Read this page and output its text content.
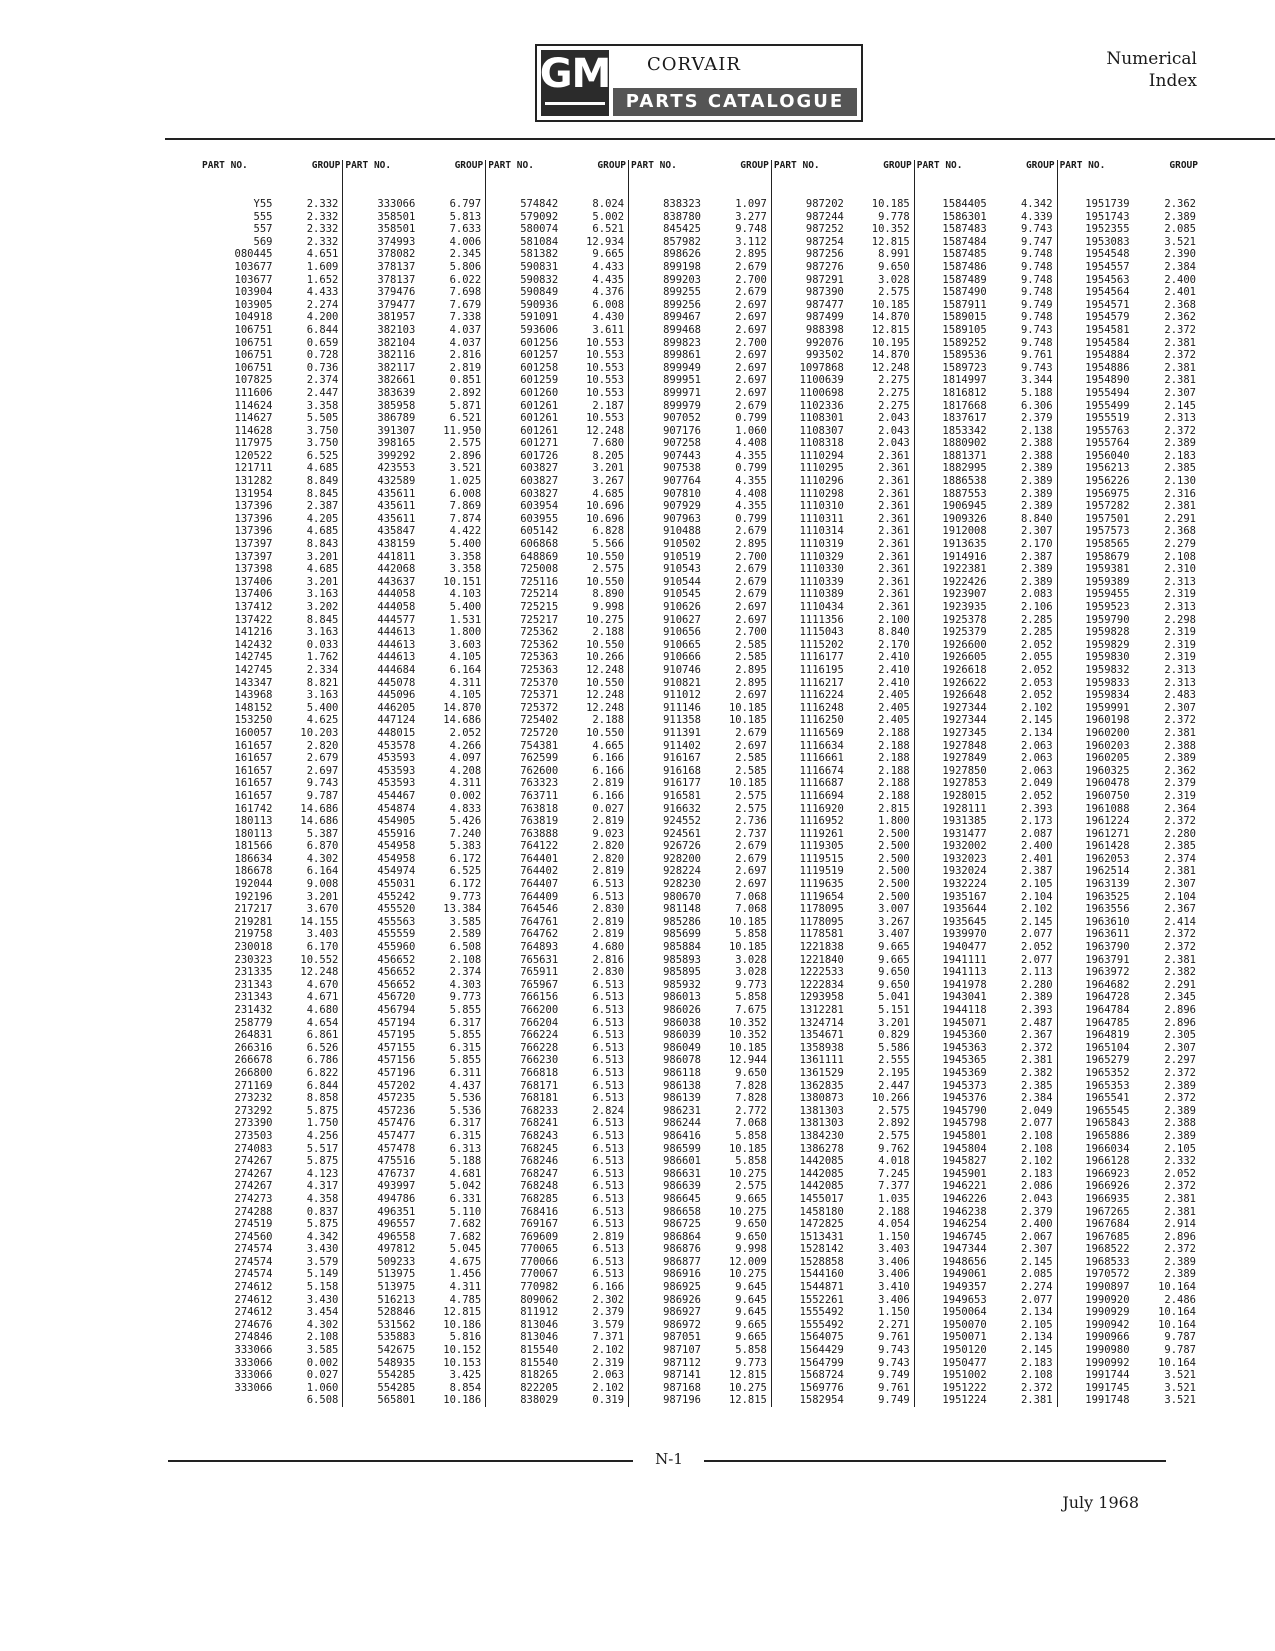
GM CORVAIR
PARTS CATALOGUE
Numerical
Index
PART NO.	GROUP	PART NO.	GROUP	PART NO.	GROUP	PART NO.	GROUP	PART NO.	GROUP	PART NO.	GROUP	PART NO.	GROUP

Y55	2.332	333066	6.797	574842	8.024	838323	1.097	987202	10.185	1584405	4.342	1951739	2.362
555	2.332	358501	5.813	579092	5.002	838780	3.277	987244	9.778	1586301	4.339	1951743	2.389
557	2.332	358501	7.633	580074	6.521	845425	9.748	987252	10.352	1587483	9.743	1952355	2.085
569	2.332	374993	4.006	581084	12.934	857982	3.112	987254	12.815	1587484	9.747	1953083	3.521
080445	4.651	378082	2.345	581382	9.665	898626	2.895	987256	8.991	1587485	9.748	1954548	2.390
103677	1.609	378137	5.806	590831	4.433	899198	2.679	987276	9.650	1587486	9.748	1954557	2.384
103677	1.652	378137	6.022	590832	4.435	899203	2.700	987291	3.028	1587489	9.748	1954563	2.400
103904	4.433	379476	7.698	590849	4.376	899255	2.679	987390	2.575	1587490	9.748	1954564	2.401
103905	2.274	379477	7.679	590936	6.008	899256	2.697	987477	10.185	1587911	9.749	1954571	2.368
104918	4.200	381957	7.338	591091	4.430	899467	2.697	987499	14.870	1589015	9.748	1954579	2.362
106751	6.844	382103	4.037	593606	3.611	899468	2.697	988398	12.815	1589105	9.743	1954581	2.372
106751	0.659	382104	4.037	601256	10.553	899823	2.700	992076	10.195	1589252	9.748	1954584	2.381
106751	0.728	382116	2.816	601257	10.553	899861	2.697	993502	14.870	1589536	9.761	1954884	2.372
106751	0.736	382117	2.819	601258	10.553	899949	2.697	1097868	12.248	1589723	9.743	1954886	2.381
107825	2.374	382661	0.851	601259	10.553	899951	2.697	1100639	2.275	1814997	3.344	1954890	2.381
111606	2.447	383639	2.892	601260	10.553	899971	2.697	1100698	2.275	1816812	5.188	1955494	2.307
114624	3.358	385958	5.871	601261	2.187	899979	2.679	1102336	2.275	1817668	6.306	1955499	2.145
114627	5.505	386789	6.521	601261	10.553	907052	0.799	1108301	2.043	1837617	2.379	1955519	2.313
114628	3.750	391307	11.950	601261	12.248	907176	1.060	1108307	2.043	1853342	2.138	1955763	2.372
117975	3.750	398165	2.575	601271	7.680	907258	4.408	1108318	2.043	1880902	2.388	1955764	2.389
120522	6.525	399292	2.896	601726	8.205	907443	4.355	1110294	2.361	1881371	2.388	1956040	2.183
121711	4.685	423553	3.521	603827	3.201	907538	0.799	1110295	2.361	1882995	2.389	1956213	2.385
131282	8.849	432589	1.025	603827	3.267	907764	4.355	1110296	2.361	1886538	2.389	1956226	2.130
131954	8.845	435611	6.008	603827	4.685	907810	4.408	1110298	2.361	1887553	2.389	1956975	2.316
137396	2.387	435611	7.869	603954	10.696	907929	4.355	1110310	2.361	1906945	2.389	1957282	2.381
137396	4.205	435611	7.874	603955	10.696	907963	0.799	1110311	2.361	1909326	8.840	1957501	2.291
137396	4.685	435847	4.422	605142	6.828	910488	2.679	1110314	2.361	1912008	2.307	1957573	2.368
137397	8.843	438159	5.400	606868	5.566	910502	2.895	1110319	2.361	1913635	2.170	1958565	2.279
137397	3.201	441811	3.358	648869	10.550	910519	2.700	1110329	2.361	1914916	2.387	1958679	2.108
137398	4.685	442068	3.358	725008	2.575	910543	2.679	1110330	2.361	1922381	2.389	1959381	2.310
137406	3.201	443637	10.151	725116	10.550	910544	2.679	1110339	2.361	1922426	2.389	1959389	2.313
137406	3.163	444058	4.103	725214	8.890	910545	2.679	1110389	2.361	1923907	2.083	1959455	2.319
137412	3.202	444058	5.400	725215	9.998	910626	2.697	1110434	2.361	1923935	2.106	1959523	2.313
137422	8.845	444577	1.531	725217	10.275	910627	2.697	1111356	2.100	1925378	2.285	1959790	2.298
141216	3.163	444613	1.800	725362	2.188	910656	2.700	1115043	8.840	1925379	2.285	1959828	2.319
142432	0.033	444613	3.603	725362	10.550	910665	2.585	1115202	2.170	1926600	2.052	1959829	2.319
142745	1.762	444613	4.105	725363	10.266	910666	2.585	1116177	2.410	1926605	2.055	1959830	2.319
142745	2.334	444684	6.164	725363	12.248	910746	2.895	1116195	2.410	1926618	2.052	1959832	2.313
143347	8.821	445078	4.311	725370	10.550	910821	2.895	1116217	2.410	1926622	2.053	1959833	2.313
143968	3.163	445096	4.105	725371	12.248	911012	2.697	1116224	2.405	1926648	2.052	1959834	2.483
148152	5.400	446205	14.870	725372	12.248	911146	10.185	1116248	2.405	1927344	2.102	1959991	2.307
153250	4.625	447124	14.686	725402	2.188	911358	10.185	1116250	2.405	1927344	2.145	1960198	2.372
160057	10.203	448015	2.052	725720	10.550	911391	2.679	1116569	2.188	1927345	2.134	1960200	2.381
161657	2.820	453578	4.266	754381	4.665	911402	2.697	1116634	2.188	1927848	2.063	1960203	2.388
161657	2.679	453593	4.097	762599	6.166	916167	2.585	1116661	2.188	1927849	2.063	1960205	2.389
161657	2.697	453593	4.208	762600	6.166	916168	2.585	1116674	2.188	1927850	2.063	1960325	2.362
161657	9.743	453593	4.311	763323	2.819	916177	10.185	1116687	2.188	1927853	2.049	1960478	2.379
161657	9.787	454467	0.002	763711	6.166	916581	2.575	1116694	2.188	1928015	2.052	1960750	2.319
161742	14.686	454874	4.833	763818	0.027	916632	2.575	1116920	2.815	1928111	2.393	1961088	2.364
180113	14.686	454905	5.426	763819	2.819	924552	2.736	1116952	1.800	1931385	2.173	1961224	2.372
180113	5.387	455916	7.240	763888	9.023	924561	2.737	1119261	2.500	1931477	2.087	1961271	2.280
181566	6.870	454958	5.383	764122	2.820	926726	2.679	1119305	2.500	1932002	2.400	1961428	2.385
186634	4.302	454958	6.172	764401	2.820	928200	2.679	1119515	2.500	1932023	2.401	1962053	2.374
186678	6.164	454974	6.525	764402	2.819	928224	2.697	1119519	2.500	1932024	2.387	1962514	2.381
192044	9.008	455031	6.172	764407	6.513	928230	2.697	1119635	2.500	1932224	2.105	1963139	2.307
192196	3.201	455242	9.773	764409	6.513	980670	7.068	1119654	2.500	1935167	2.104	1963525	2.104
217217	3.670	455520	13.384	764546	2.830	981148	7.068	1178095	3.007	1935644	2.102	1963556	2.367
219281	14.155	455563	3.585	764761	2.819	985286	10.185	1178095	3.267	1935645	2.145	1963610	2.414
219758	3.403	455559	2.589	764762	2.819	985699	5.858	1178581	3.407	1939970	2.077	1963611	2.372
230018	6.170	455960	6.508	764893	4.680	985884	10.185	1221838	9.665	1940477	2.052	1963790	2.372
230323	10.552	456652	2.108	765631	2.816	985893	3.028	1221840	9.665	1941111	2.077	1963791	2.381
231335	12.248	456652	2.374	765911	2.830	985895	3.028	1222533	9.650	1941113	2.113	1963972	2.382
231343	4.670	456652	4.303	765967	6.513	985932	9.773	1222834	9.650	1941978	2.280	1964682	2.291
231343	4.671	456720	9.773	766156	6.513	986013	5.858	1293958	5.041	1943041	2.389	1964728	2.345
231432	4.680	456794	5.855	766200	6.513	986026	7.675	1312281	5.151	1944118	2.393	1964784	2.896
258779	4.654	457194	6.317	766204	6.513	986038	10.352	1324714	3.201	1945071	2.487	1964785	2.896
264831	6.861	457195	5.855	766224	6.513	986039	10.352	1354671	0.829	1945360	2.367	1964819	2.305
266316	6.526	457155	6.315	766228	6.513	986049	10.185	1358938	5.586	1945363	2.372	1965104	2.307
266678	6.786	457156	5.855	766230	6.513	986078	12.944	1361111	2.555	1945365	2.381	1965279	2.297
266800	6.822	457196	6.311	766818	6.513	986118	9.650	1361529	2.195	1945369	2.382	1965352	2.372
271169	6.844	457202	4.437	768171	6.513	986138	7.828	1362835	2.447	1945373	2.385	1965353	2.389
273232	8.858	457235	5.536	768181	6.513	986139	7.828	1380873	10.266	1945376	2.384	1965541	2.372
273292	5.875	457236	5.536	768233	2.824	986231	2.772	1381303	2.575	1945790	2.049	1965545	2.389
273390	1.750	457476	6.317	768241	6.513	986244	7.068	1381303	2.892	1945798	2.077	1965843	2.388
273503	4.256	457477	6.315	768243	6.513	986416	5.858	1384230	2.575	1945801	2.108	1965886	2.389
274083	5.517	457478	6.313	768245	6.513	986599	10.185	1386278	9.762	1945804	2.108	1966034	2.105
274267	5.875	475516	5.188	768246	6.513	986601	5.858	1442085	4.018	1945827	2.102	1966128	2.332
274267	4.123	476737	4.681	768247	6.513	986631	10.275	1442085	7.245	1945901	2.183	1966923	2.052
274267	4.317	493997	5.042	768248	6.513	986639	2.575	1442085	7.377	1946221	2.086	1966926	2.372
274273	4.358	494786	6.331	768285	6.513	986645	9.665	1455017	1.035	1946226	2.043	1966935	2.381
274288	0.837	496351	5.110	768416	6.513	986658	10.275	1458180	2.188	1946238	2.379	1967265	2.381
274519	5.875	496557	7.682	769167	6.513	986725	9.650	1472825	4.054	1946254	2.400	1967684	2.914
274560	4.342	496558	7.682	769609	2.819	986864	9.650	1513431	1.150	1946745	2.067	1967685	2.896
274574	3.430	497812	5.045	770065	6.513	986876	9.998	1528142	3.403	1947344	2.307	1968522	2.372
274574	3.579	509233	4.675	770066	6.513	986877	12.009	1528858	3.406	1948656	2.145	1968533	2.389
274574	5.149	513975	1.456	770067	6.513	986916	10.275	1544160	3.406	1949061	2.085	1970572	2.389
274612	5.158	513975	4.311	770982	6.166	986925	9.645	1544871	3.410	1949357	2.274	1990897	10.164
274612	3.430	516213	4.785	809062	2.302	986926	9.645	1552261	3.406	1949653	2.077	1990920	2.486
274612	3.454	528846	12.815	811912	2.379	986927	9.645	1555492	1.150	1950064	2.134	1990929	10.164
274676	4.302	531562	10.186	813046	3.579	986972	9.665	1555492	2.271	1950070	2.105	1990942	10.164
274846	2.108	535883	5.816	813046	7.371	987051	9.665	1564075	9.761	1950071	2.134	1990966	9.787
333066	3.585	542675	10.152	815540	2.102	987107	5.858	1564429	9.743	1950120	2.145	1990980	9.787
333066	0.002	548935	10.153	815540	2.319	987112	9.773	1564799	9.743	1950477	2.183	1990992	10.164
333066	0.027	554285	3.425	818265	2.063	987141	12.815	1568724	9.749	1951002	2.108	1991744	3.521
333066	1.060	554285	8.854	822205	2.102	987168	10.275	1569776	9.761	1951222	2.372	1991745	3.521
	6.508	565801	10.186	838029	0.319	987196	12.815	1582954	9.749	1951224	2.381	1991748	3.521
N-1
July 1968
